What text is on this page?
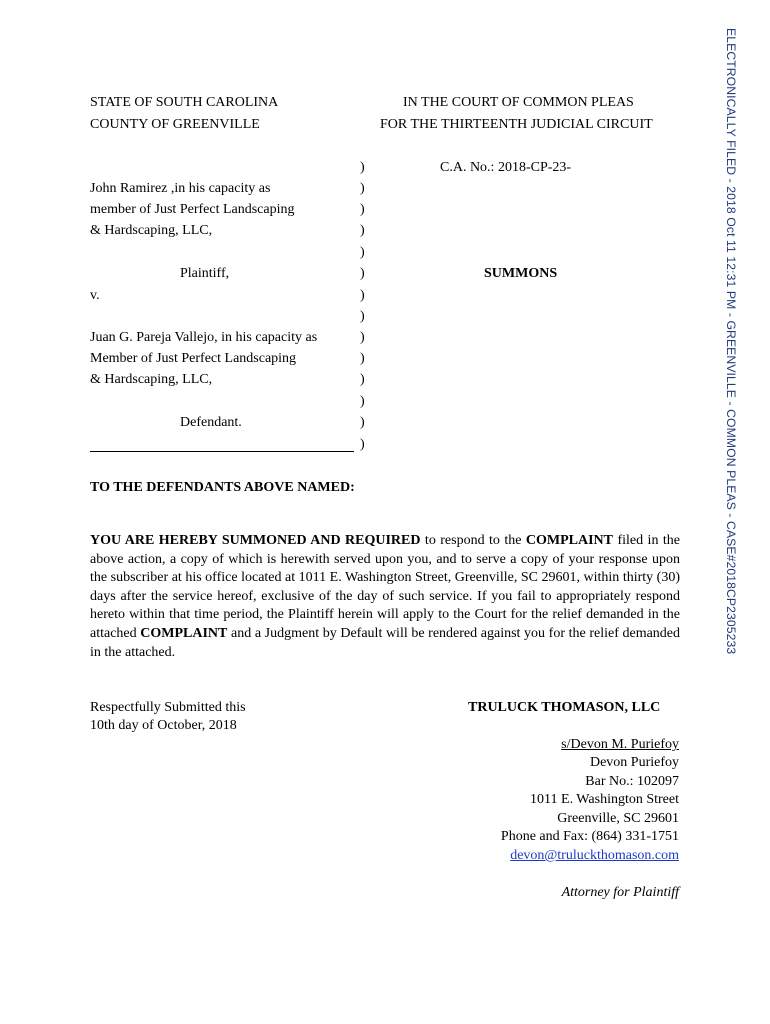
ELECTRONICALLY FILED - 2018 Oct 11 12:31 PM - GREENVILLE - COMMON PLEAS - CASE#2018CP2305233
STATE OF SOUTH CAROLINA
COUNTY OF GREENVILLE
IN THE COURT OF COMMON PLEAS
FOR THE THIRTEENTH JUDICIAL CIRCUIT
John Ramirez ,in his capacity as
member of Just Perfect Landscaping
& Hardscaping, LLC,
Plaintiff,
v.
Juan G. Pareja Vallejo, in his capacity as
Member of Just Perfect Landscaping
& Hardscaping, LLC,
Defendant.
)
)
)
)
)
)
)
)
)
)
)
)
)
)
C.A. No.: 2018-CP-23-
SUMMONS
TO THE DEFENDANTS ABOVE NAMED:
YOU ARE HEREBY SUMMONED AND REQUIRED to respond to the COMPLAINT filed in the above action, a copy of which is herewith served upon you, and to serve a copy of your response upon the subscriber at his office located at 1011 E. Washington Street, Greenville, SC 29601, within thirty (30) days after the service hereof, exclusive of the day of such service. If you fail to appropriately respond hereto within that time period, the Plaintiff herein will apply to the Court for the relief demanded in the attached COMPLAINT and a Judgment by Default will be rendered against you for the relief demanded in the attached.
Respectfully Submitted this
10th day of October, 2018
TRULUCK THOMASON, LLC
s/Devon M. Puriefoy
Devon Puriefoy
Bar No.: 102097
1011 E. Washington Street
Greenville, SC 29601
Phone and Fax: (864) 331-1751
devon@truluckthomason.com
Attorney for Plaintiff
